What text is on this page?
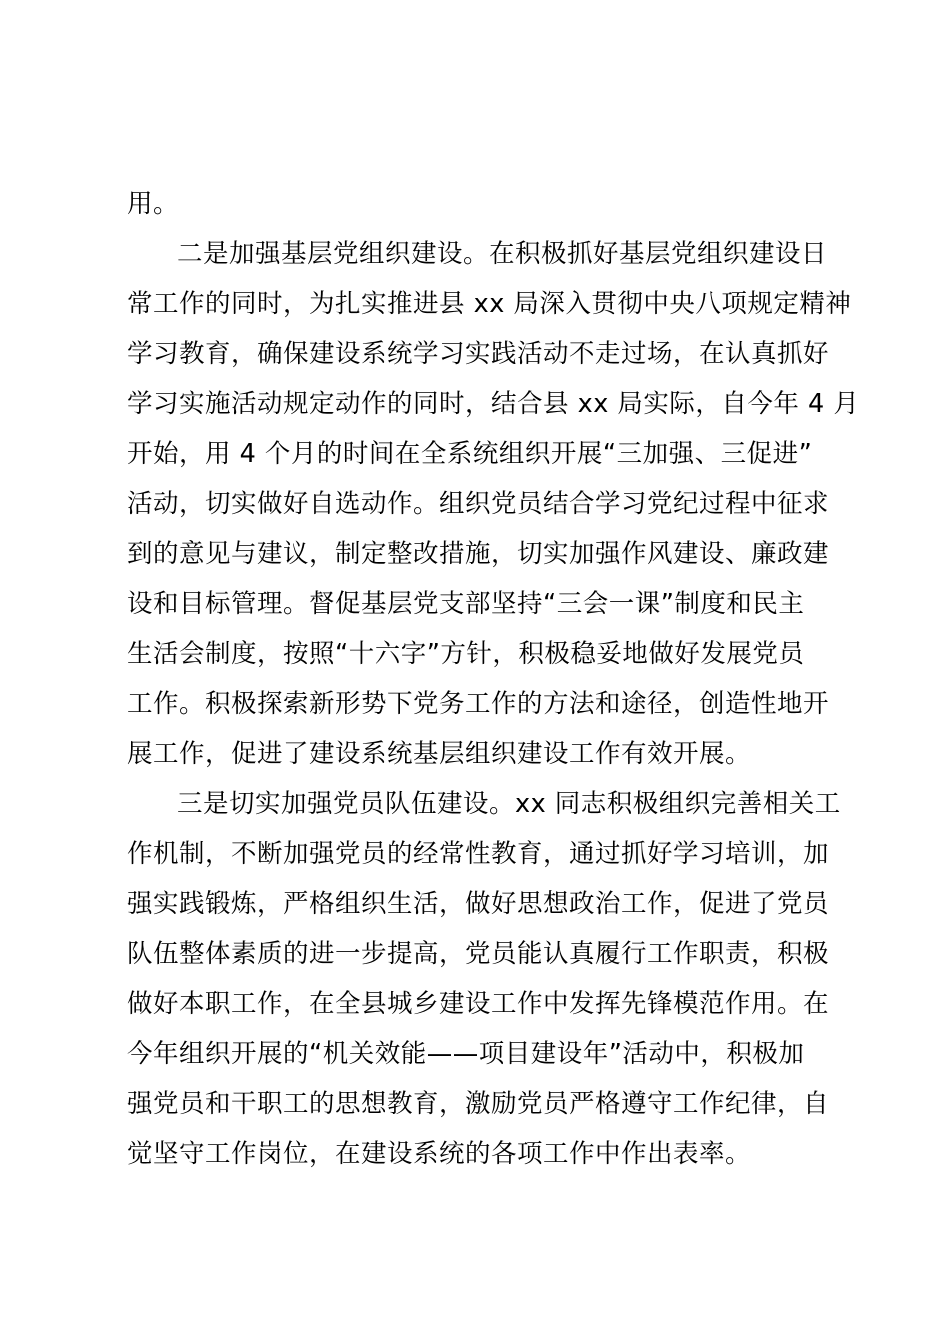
用。
二是加强基层党组织建设。在积极抓好基层党组织建设日
常工作的同时，为扎实推进县 xx 局深入贯彻中央八项规定精神
学习教育，确保建设系统学习实践活动不走过场，在认真抓好
学习实施活动规定动作的同时，结合县 xx 局实际，自今年 4 月
开始，用 4 个月的时间在全系统组织开展“三加强、三促进”
活动，切实做好自选动作。组织党员结合学习党纪过程中征求
到的意见与建议，制定整改措施，切实加强作风建设、廉政建
设和目标管理。督促基层党支部坚持“三会一课”制度和民主
生活会制度，按照“十六字”方针，积极稳妥地做好发展党员
工作。积极探索新形势下党务工作的方法和途径，创造性地开
展工作，促进了建设系统基层组织建设工作有效开展。
三是切实加强党员队伍建设。xx 同志积极组织完善相关工
作机制，不断加强党员的经常性教育，通过抓好学习培训，加
强实践锻炼，严格组织生活，做好思想政治工作，促进了党员
队伍整体素质的进一步提高，党员能认真履行工作职责，积极
做好本职工作，在全县城乡建设工作中发挥先锋模范作用。在
今年组织开展的“机关效能——项目建设年”活动中，积极加
强党员和干职工的思想教育，激励党员严格遵守工作纪律，自
觉坚守工作岗位，在建设系统的各项工作中作出表率。
